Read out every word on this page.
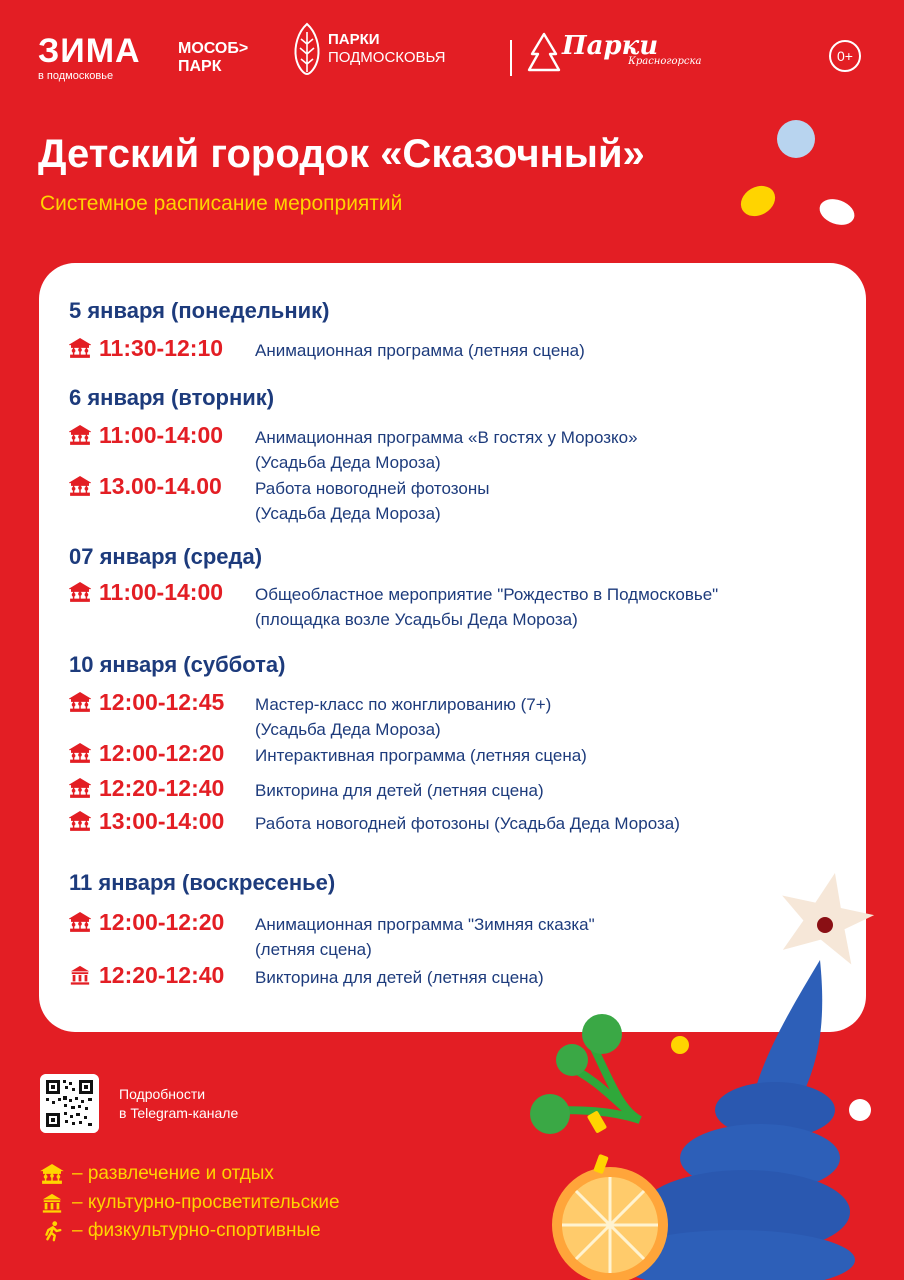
ЗИМА
в подмосковье
МОСОБ>
ПАРК
ПАРКИ
ПОДМОСКОВЬЯ	Парки
Красногорска	0+
Детский городок «Сказочный»
Системное расписание мероприятий
5 января (понедельник)
11:30-12:10 Анимационная программа (летняя сцена)
6 января (вторник)
11:00-14:00 Анимационная программа «В гостях у Морозко»
(Усадьба Деда Мороза)
13.00-14.00 Работа новогодней фотозоны
(Усадьба Деда Мороза)
07 января (среда)
11:00-14:00 Общеобластное мероприятие "Рождество в Подмосковье"
(площадка возле Усадьбы Деда Мороза)
10 января (суббота)
12:00-12:45 Мастер-класс по жонглированию (7+)
(Усадьба Деда Мороза)
12:00-12:20 Интерактивная программа (летняя сцена)
12:20-12:40 Викторина для детей (летняя сцена)
13:00-14:00 Работа новогодней фотозоны (Усадьба Деда Мороза)
11 января (воскресенье)
12:00-12:20 Анимационная программа "Зимняя сказка"
(летняя сцена)
12:20-12:40 Викторина для детей (летняя сцена)
Подробности
в Telegram-канале
– развлечение и отдых
– культурно-просветительские
– физкультурно-спортивные
